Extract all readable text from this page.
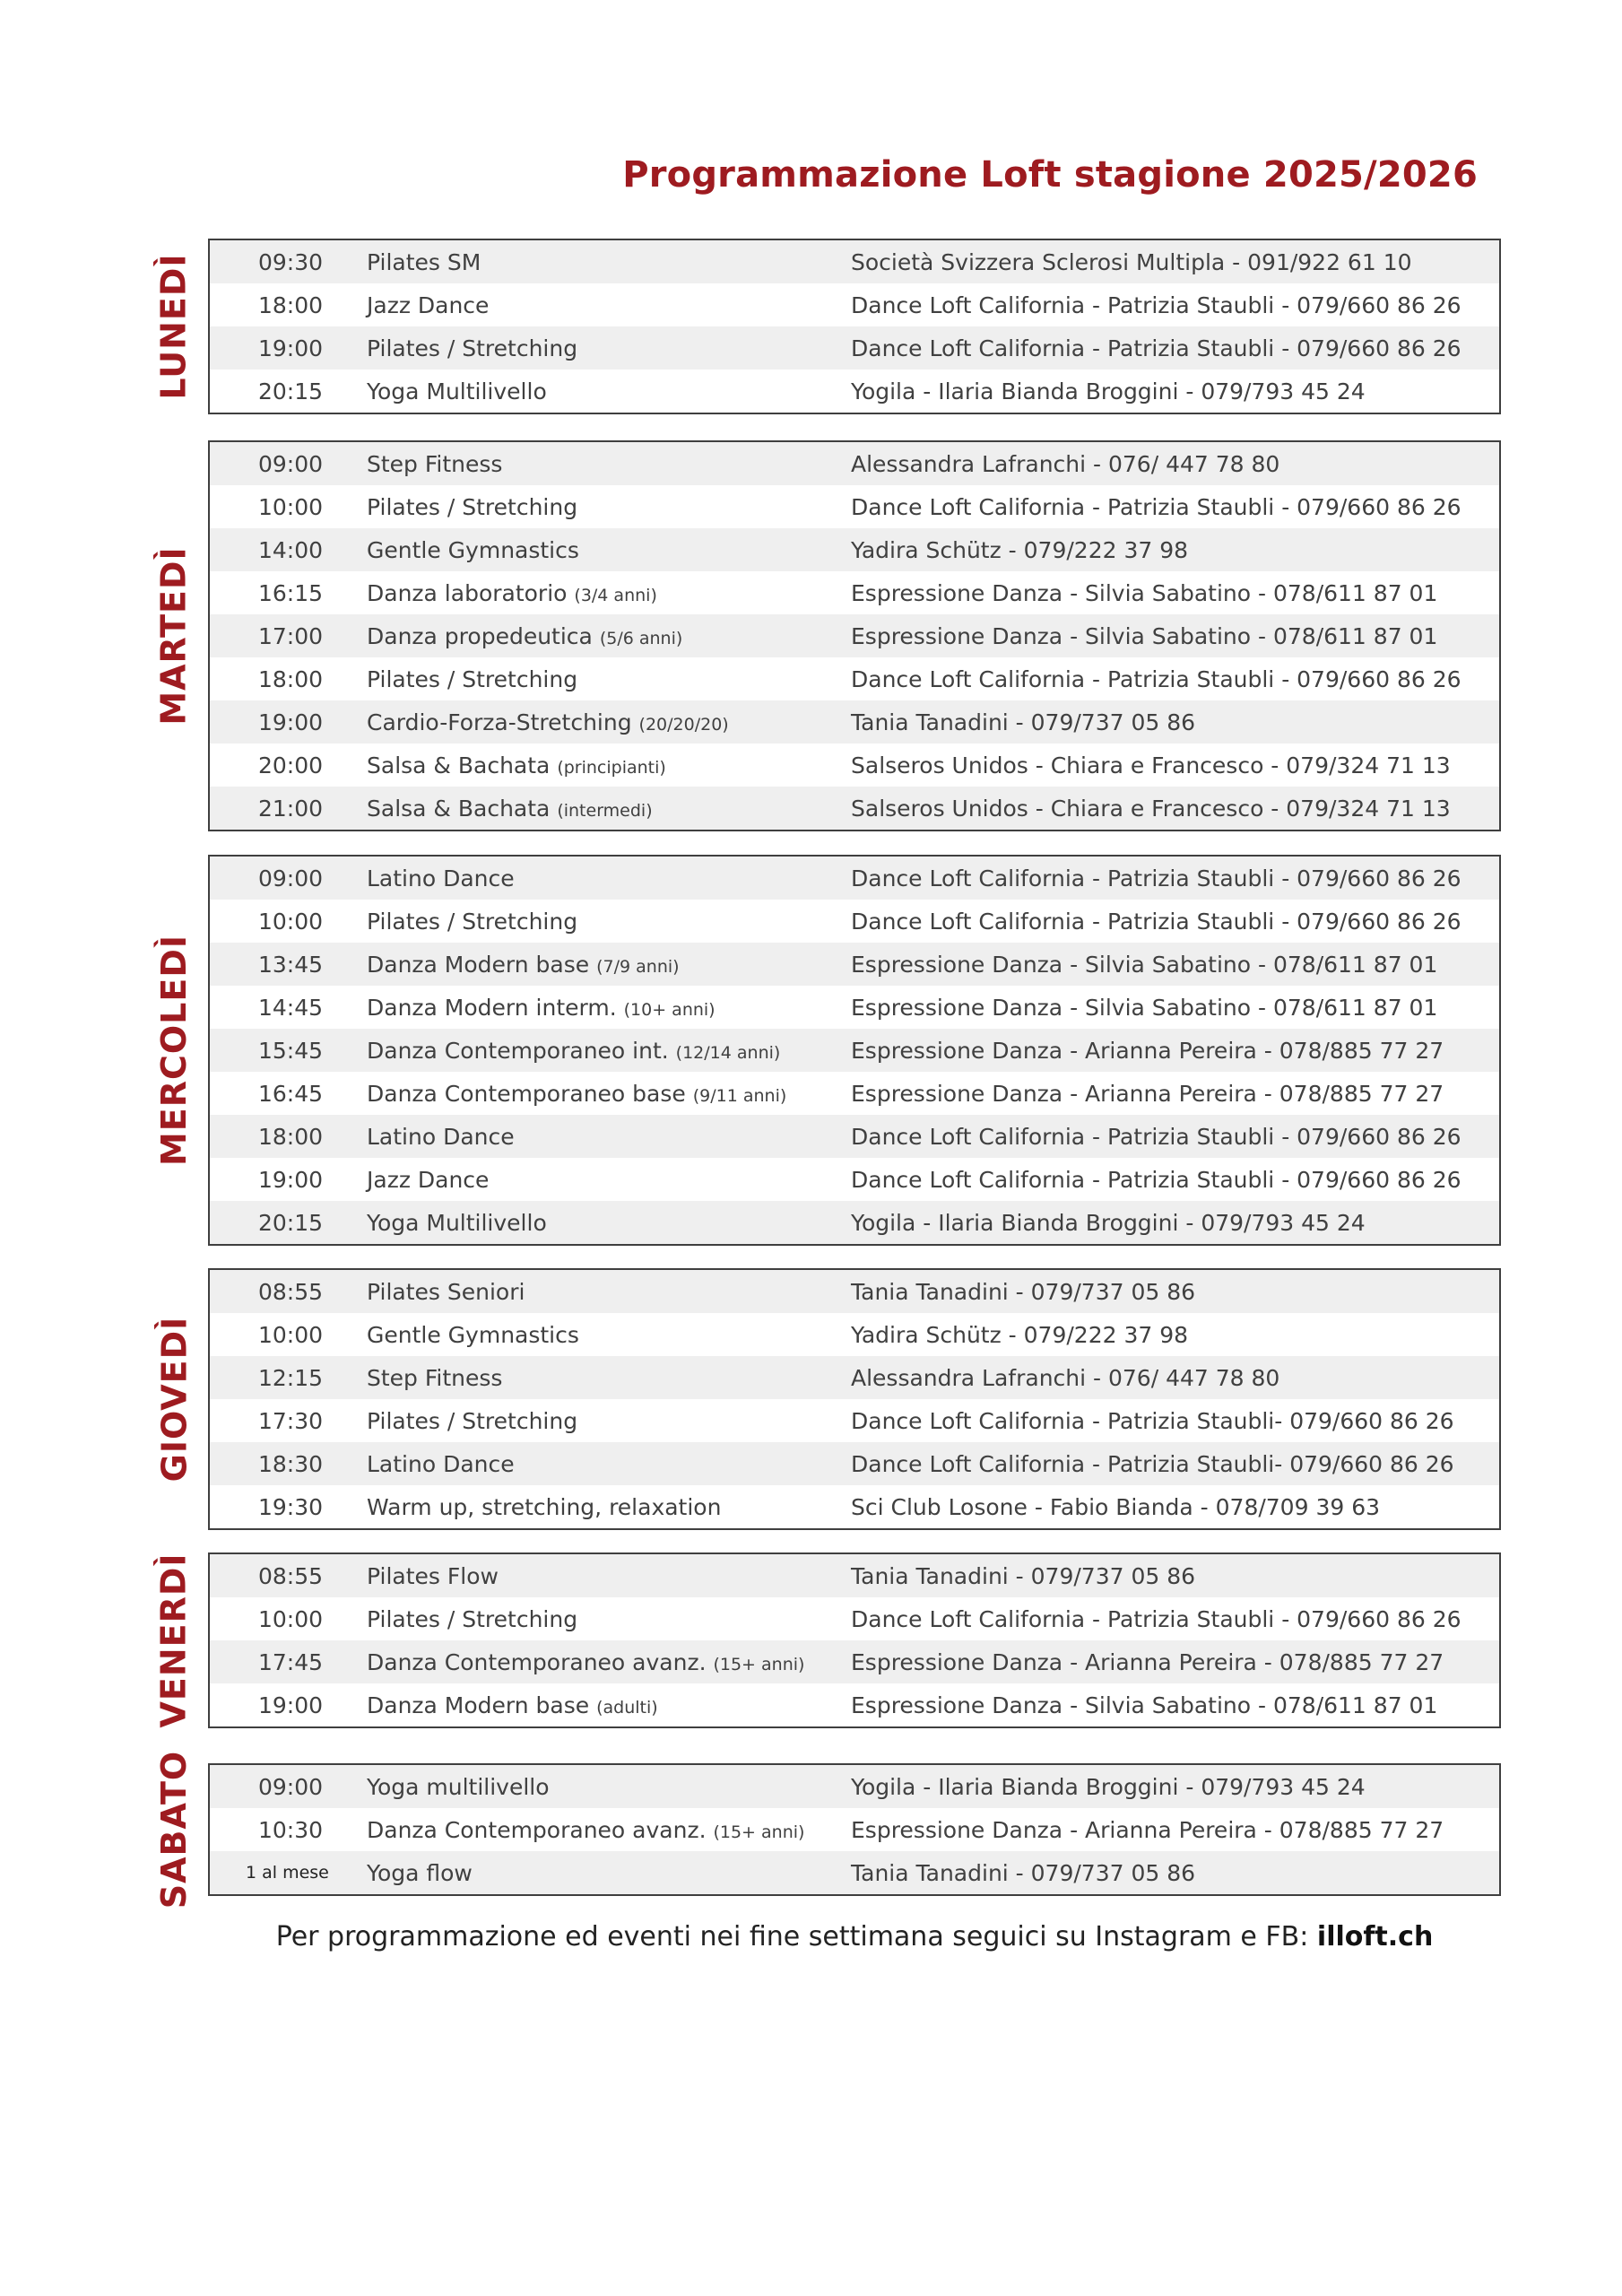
Programmazione Loft stagione 2025/2026
LUNEDÌ	09:30	Pilates SM	Società Svizzera Sclerosi Multipla - 091/922 61 10
18:00	Jazz Dance	Dance Loft California - Patrizia Staubli - 079/660 86 26
19:00	Pilates / Stretching	Dance Loft California - Patrizia Staubli - 079/660 86 26
20:15	Yoga Multilivello	Yogila - Ilaria Bianda Broggini - 079/793 45 24
MARTEDÌ
09:00	Step Fitness	Alessandra Lafranchi - 076/ 447 78 80
10:00	Pilates / Stretching	Dance Loft California - Patrizia Staubli - 079/660 86 26
14:00	Gentle Gymnastics	Yadira Schütz - 079/222 37 98
16:15	Danza laboratorio (3/4 anni)	Espressione Danza - Silvia Sabatino - 078/611 87 01
17:00	Danza propedeutica (5/6 anni)	Espressione Danza - Silvia Sabatino - 078/611 87 01
18:00	Pilates / Stretching	Dance Loft California - Patrizia Staubli - 079/660 86 26
19:00	Cardio-Forza-Stretching (20/20/20)	Tania Tanadini - 079/737 05 86
20:00	Salsa & Bachata (principianti)	Salseros Unidos - Chiara e Francesco - 079/324 71 13
21:00	Salsa & Bachata (intermedi)	Salseros Unidos - Chiara e Francesco - 079/324 71 13
MERCOLEDÌ
09:00	Latino Dance	Dance Loft California - Patrizia Staubli - 079/660 86 26
10:00	Pilates / Stretching	Dance Loft California - Patrizia Staubli - 079/660 86 26
13:45	Danza Modern base (7/9 anni)	Espressione Danza - Silvia Sabatino - 078/611 87 01
14:45	Danza Modern interm. (10+ anni)	Espressione Danza - Silvia Sabatino - 078/611 87 01
15:45	Danza Contemporaneo int. (12/14 anni)	Espressione Danza - Arianna Pereira - 078/885 77 27
16:45	Danza Contemporaneo base (9/11 anni)	Espressione Danza - Arianna Pereira - 078/885 77 27
18:00	Latino Dance	Dance Loft California - Patrizia Staubli - 079/660 86 26
19:00	Jazz Dance	Dance Loft California - Patrizia Staubli - 079/660 86 26
20:15	Yoga Multilivello	Yogila - Ilaria Bianda Broggini - 079/793 45 24
GIOVEDÌ
08:55	Pilates Seniori	Tania Tanadini - 079/737 05 86
10:00	Gentle Gymnastics	Yadira Schütz - 079/222 37 98
12:15	Step Fitness	Alessandra Lafranchi - 076/ 447 78 80
17:30	Pilates / Stretching	Dance Loft California - Patrizia Staubli- 079/660 86 26
18:30	Latino Dance	Dance Loft California - Patrizia Staubli- 079/660 86 26
19:30	Warm up, stretching, relaxation	Sci Club Losone - Fabio Bianda - 078/709 39 63
VENERDÌ	08:55	Pilates Flow	Tania Tanadini - 079/737 05 86
10:00	Pilates / Stretching	Dance Loft California - Patrizia Staubli - 079/660 86 26
17:45	Danza Contemporaneo avanz. (15+ anni)	Espressione Danza - Arianna Pereira - 078/885 77 27
19:00	Danza Modern base (adulti)	Espressione Danza - Silvia Sabatino - 078/611 87 01
SABATO	09:00	Yoga multilivello	Yogila - Ilaria Bianda Broggini - 079/793 45 24
10:30	Danza Contemporaneo avanz. (15+ anni)	Espressione Danza - Arianna Pereira - 078/885 77 27
1 al mese	Yoga flow	Tania Tanadini - 079/737 05 86
Per programmazione ed eventi nei fine settimana seguici su Instagram e FB: illoft.ch
